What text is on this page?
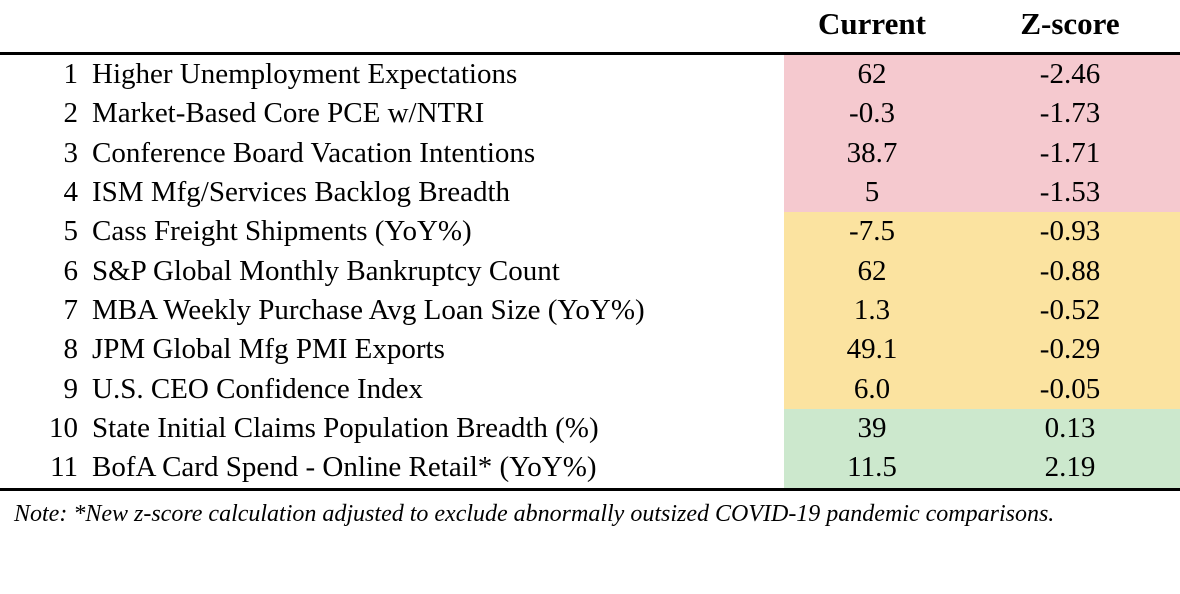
		Current	Z-score
1	Higher Unemployment Expectations	62	-2.46
2	Market-Based Core PCE w/NTRI	-0.3	-1.73
3	Conference Board Vacation Intentions	38.7	-1.71
4	ISM Mfg/Services Backlog Breadth	5	-1.53
5	Cass Freight Shipments (YoY%)	-7.5	-0.93
6	S&P Global Monthly Bankruptcy Count	62	-0.88
7	MBA Weekly Purchase Avg Loan Size (YoY%)	1.3	-0.52
8	JPM Global Mfg PMI Exports	49.1	-0.29
9	U.S. CEO Confidence Index	6.0	-0.05
10	State Initial Claims Population Breadth (%)	39	0.13
11	BofA Card Spend - Online Retail* (YoY%)	11.5	2.19
Note: *New z-score calculation adjusted to exclude abnormally outsized COVID-19 pandemic comparisons.
